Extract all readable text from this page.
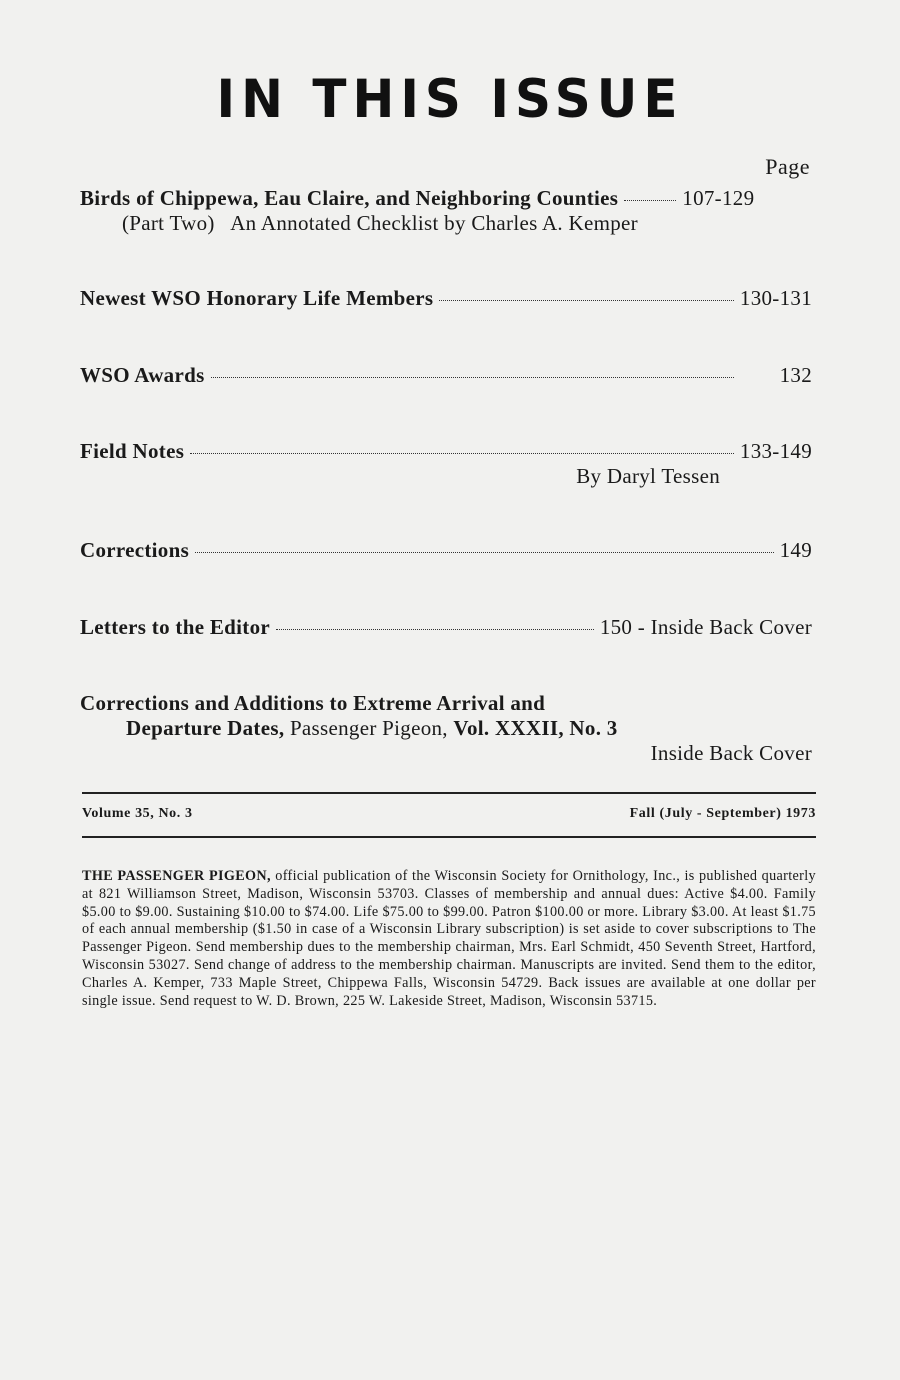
IN THIS ISSUE
Page
Birds of Chippewa, Eau Claire, and Neighboring Counties	107-129
(Part Two) An Annotated Checklist by Charles A. Kemper
Newest WSO Honorary Life Members	130-131
WSO Awards	132
Field Notes	133-149
By Daryl Tessen
Corrections	149
Letters to the Editor	150 - Inside Back Cover
Corrections and Additions to Extreme Arrival and
Departure Dates, Passenger Pigeon, Vol. XXXII, No. 3
Inside Back Cover
Volume 35, No. 3	Fall (July - September) 1973
THE PASSENGER PIGEON, official publication of the Wisconsin Society for Ornithology, Inc., is published quarterly at 821 Williamson Street, Madison, Wisconsin 53703. Classes of membership and annual dues: Active $4.00. Family $5.00 to $9.00. Sustaining $10.00 to $74.00. Life $75.00 to $99.00. Patron $100.00 or more. Library $3.00. At least $1.75 of each annual membership ($1.50 in case of a Wisconsin Library subscription) is set aside to cover subscriptions to The Passenger Pigeon. Send membership dues to the membership chairman, Mrs. Earl Schmidt, 450 Seventh Street, Hartford, Wisconsin 53027. Send change of address to the membership chairman. Manuscripts are invited. Send them to the editor, Charles A. Kemper, 733 Maple Street, Chippewa Falls, Wisconsin 54729. Back issues are available at one dollar per single issue. Send request to W. D. Brown, 225 W. Lakeside Street, Madison, Wisconsin 53715.
